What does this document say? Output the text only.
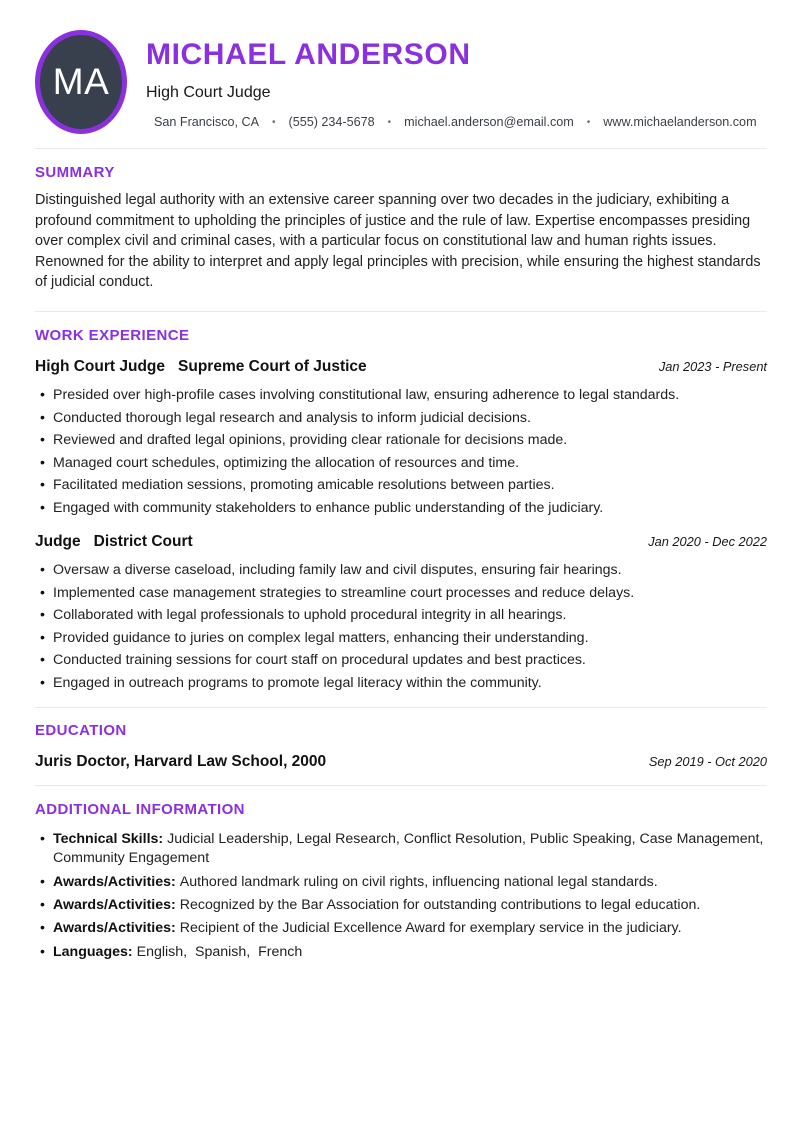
MA
MICHAEL ANDERSON
High Court Judge
San Francisco, CA • (555) 234-5678 • michael.anderson@email.com • www.michaelanderson.com
SUMMARY

Distinguished legal authority with an extensive career spanning over two decades in the judiciary, exhibiting a profound commitment to upholding the principles of justice and the rule of law. Expertise encompasses presiding over complex civil and criminal cases, with a particular focus on constitutional law and human rights issues. Renowned for the ability to interpret and apply legal principles with precision, while ensuring the highest standards of judicial conduct.

WORK EXPERIENCE
High Court Judge Supreme Court of Justice	Jan 2023 - Present
• Presided over high-profile cases involving constitutional law, ensuring adherence to legal standards.
• Conducted thorough legal research and analysis to inform judicial decisions.
• Reviewed and drafted legal opinions, providing clear rationale for decisions made.
• Managed court schedules, optimizing the allocation of resources and time.
• Facilitated mediation sessions, promoting amicable resolutions between parties.
• Engaged with community stakeholders to enhance public understanding of the judiciary.
Judge District Court	Jan 2020 - Dec 2022
• Oversaw a diverse caseload, including family law and civil disputes, ensuring fair hearings.
• Implemented case management strategies to streamline court processes and reduce delays.
• Collaborated with legal professionals to uphold procedural integrity in all hearings.
• Provided guidance to juries on complex legal matters, enhancing their understanding.
• Conducted training sessions for court staff on procedural updates and best practices.
• Engaged in outreach programs to promote legal literacy within the community.
EDUCATION
Juris Doctor, Harvard Law School, 2000	Sep 2019 - Oct 2020
ADDITIONAL INFORMATION
• Technical Skills: Judicial Leadership, Legal Research, Conflict Resolution, Public Speaking, Case Management, Community Engagement
• Awards/Activities: Authored landmark ruling on civil rights, influencing national legal standards.
• Awards/Activities: Recognized by the Bar Association for outstanding contributions to legal education.
• Awards/Activities: Recipient of the Judicial Excellence Award for exemplary service in the judiciary.
• Languages: English,  Spanish,  French
